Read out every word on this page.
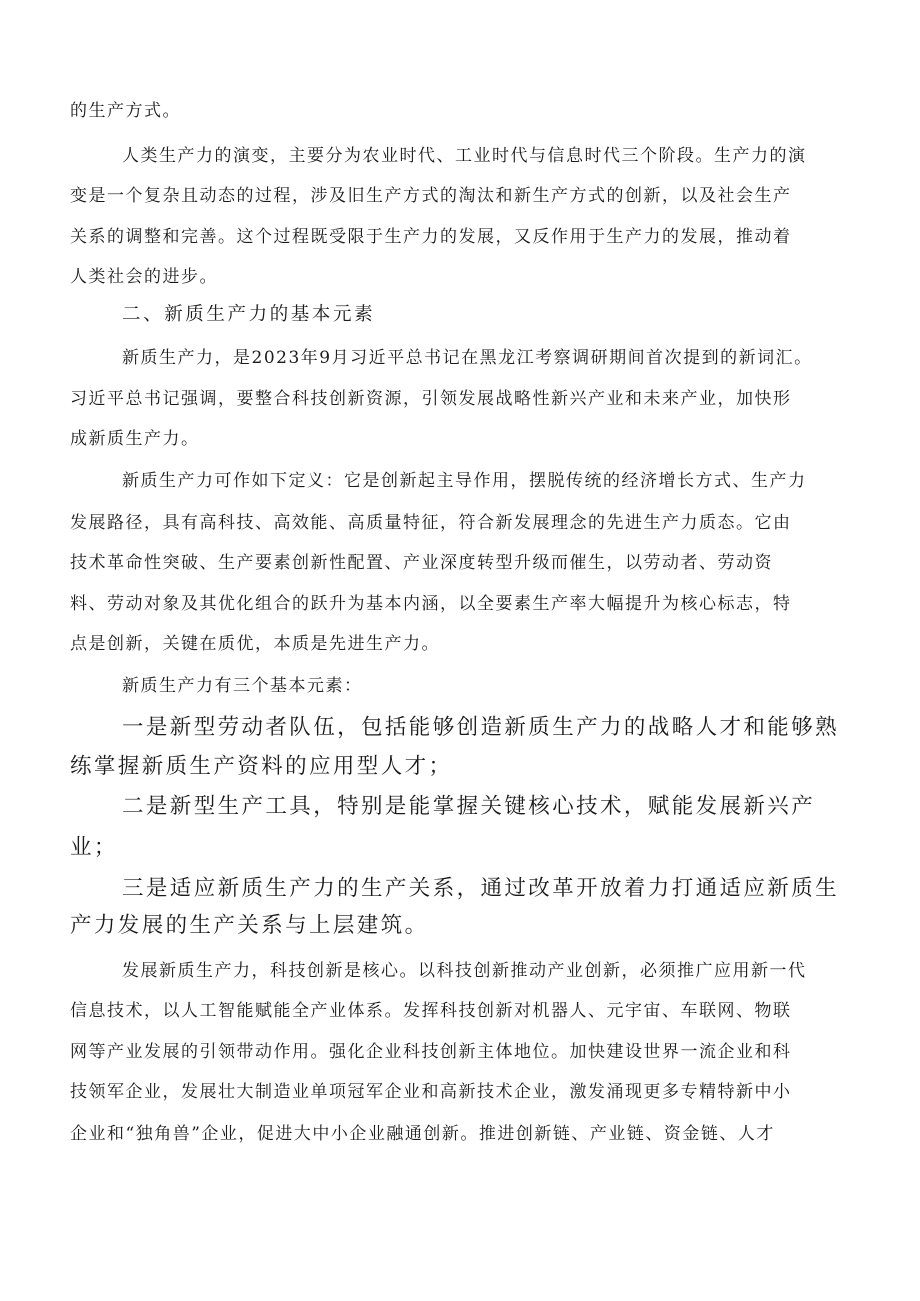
的生产方式。
人类生产力的演变，主要分为农业时代、工业时代与信息时代三个阶段。生产力的演
变是一个复杂且动态的过程，涉及旧生产方式的淘汰和新生产方式的创新，以及社会生产
关系的调整和完善。这个过程既受限于生产力的发展，又反作用于生产力的发展，推动着
人类社会的进步。
二、新质生产力的基本元素
新质生产力，是2023年9月习近平总书记在黑龙江考察调研期间首次提到的新词汇。
习近平总书记强调，要整合科技创新资源，引领发展战略性新兴产业和未来产业，加快形
成新质生产力。
新质生产力可作如下定义：它是创新起主导作用，摆脱传统的经济增长方式、生产力
发展路径，具有高科技、高效能、高质量特征，符合新发展理念的先进生产力质态。它由
技术革命性突破、生产要素创新性配置、产业深度转型升级而催生，以劳动者、劳动资
料、劳动对象及其优化组合的跃升为基本内涵，以全要素生产率大幅提升为核心标志，特
点是创新，关键在质优，本质是先进生产力。
新质生产力有三个基本元素：
一是新型劳动者队伍，包括能够创造新质生产力的战略人才和能够熟
练掌握新质生产资料的应用型人才；
二是新型生产工具，特别是能掌握关键核心技术，赋能发展新兴产
业；
三是适应新质生产力的生产关系，通过改革开放着力打通适应新质生
产力发展的生产关系与上层建筑。
发展新质生产力，科技创新是核心。以科技创新推动产业创新，必须推广应用新一代
信息技术，以人工智能赋能全产业体系。发挥科技创新对机器人、元宇宙、车联网、物联
网等产业发展的引领带动作用。强化企业科技创新主体地位。加快建设世界一流企业和科
技领军企业，发展壮大制造业单项冠军企业和高新技术企业，激发涌现更多专精特新中小
企业和“独角兽”企业，促进大中小企业融通创新。推进创新链、产业链、资金链、人才
